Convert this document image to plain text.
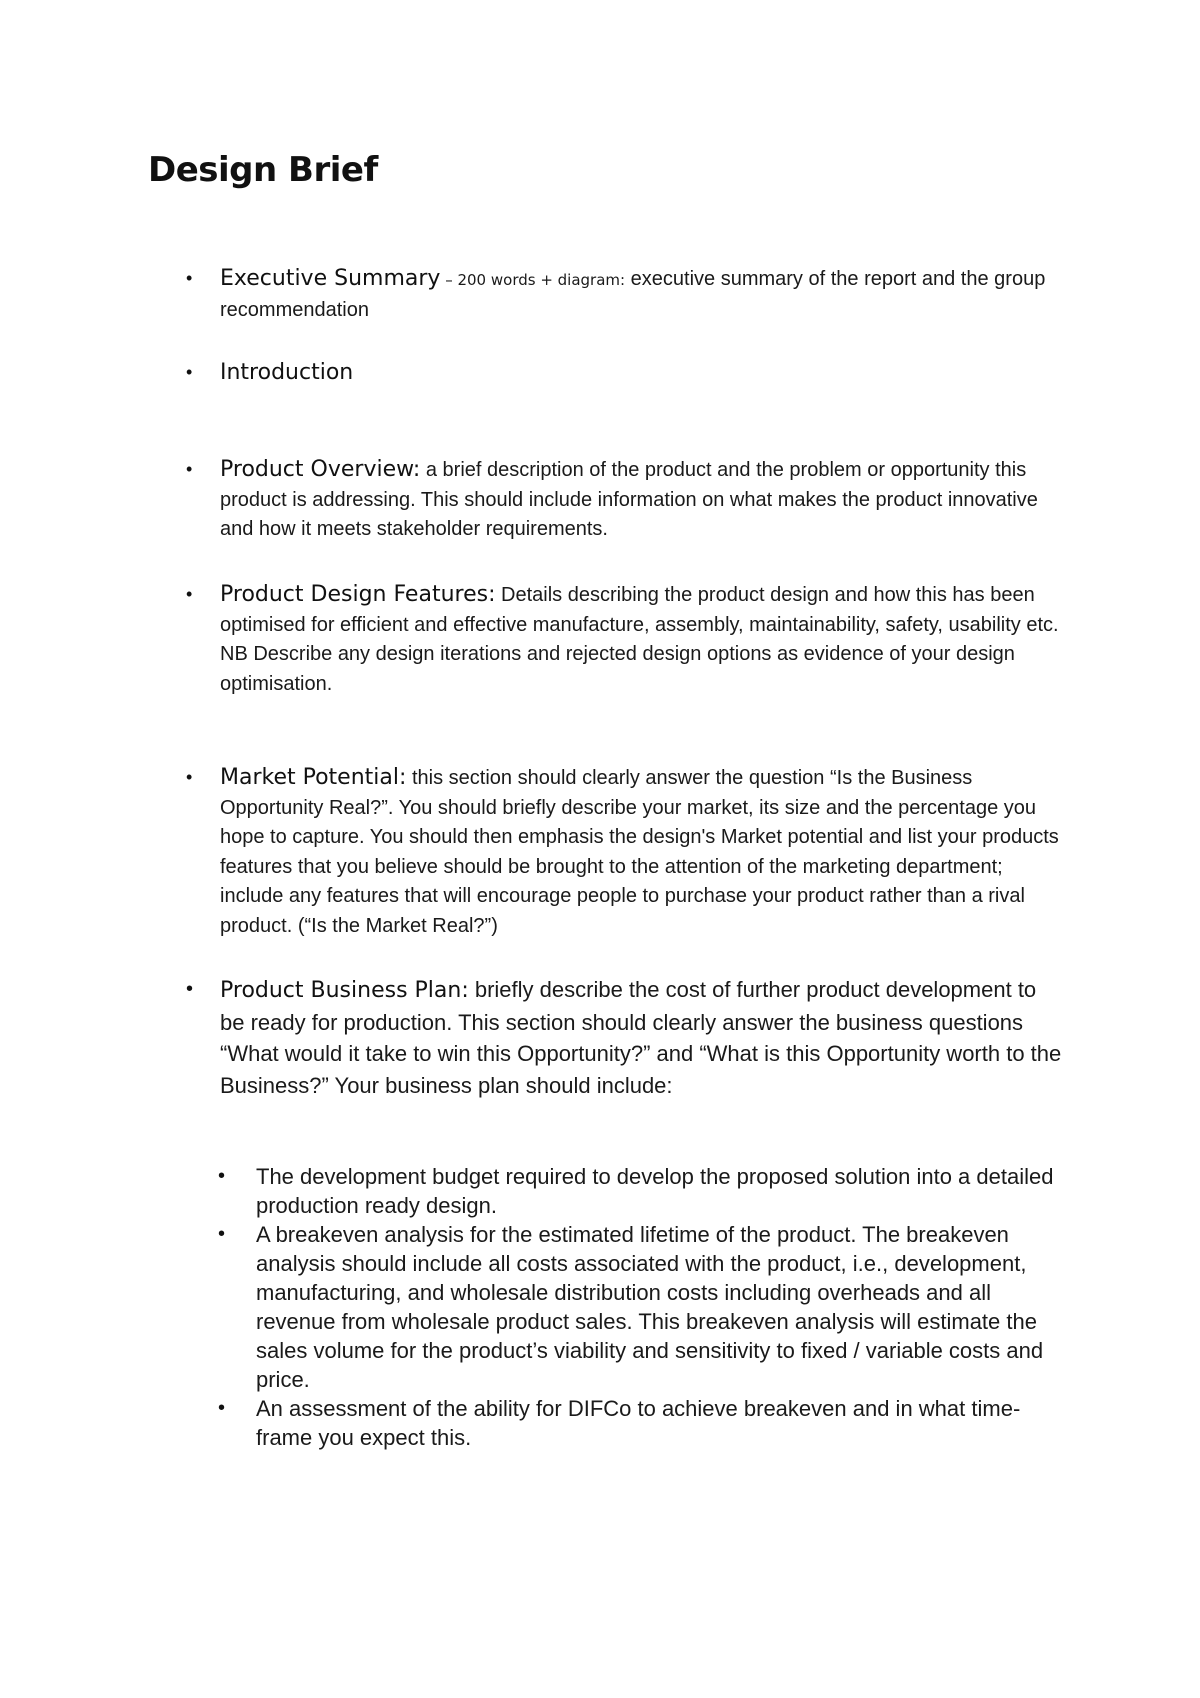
Design Brief
• Executive Summary – 200 words + diagram: executive summary of the report and the group recommendation
• Introduction
• Product Overview: a brief description of the product and the problem or opportunity this product is addressing. This should include information on what makes the product innovative and how it meets stakeholder requirements.
• Product Design Features: Details describing the product design and how this has been optimised for efficient and effective manufacture, assembly, maintainability, safety, usability etc. NB Describe any design iterations and rejected design options as evidence of your design optimisation.
• Market Potential: this section should clearly answer the question “Is the Business Opportunity Real?”. You should briefly describe your market, its size and the percentage you hope to capture. You should then emphasis the design's Market potential and list your products features that you believe should be brought to the attention of the marketing department; include any features that will encourage people to purchase your product rather than a rival product. (“Is the Market Real?”)
• Product Business Plan: briefly describe the cost of further product development to be ready for production. This section should clearly answer the business questions “What would it take to win this Opportunity?” and “What is this Opportunity worth to the Business?” Your business plan should include:
• The development budget required to develop the proposed solution into a detailed production ready design.
• A breakeven analysis for the estimated lifetime of the product. The breakeven analysis should include all costs associated with the product, i.e., development, manufacturing, and wholesale distribution costs including overheads and all revenue from wholesale product sales. This breakeven analysis will estimate the sales volume for the product’s viability and sensitivity to fixed / variable costs and price.
• An assessment of the ability for DIFCo to achieve breakeven and in what time-frame you expect this.
